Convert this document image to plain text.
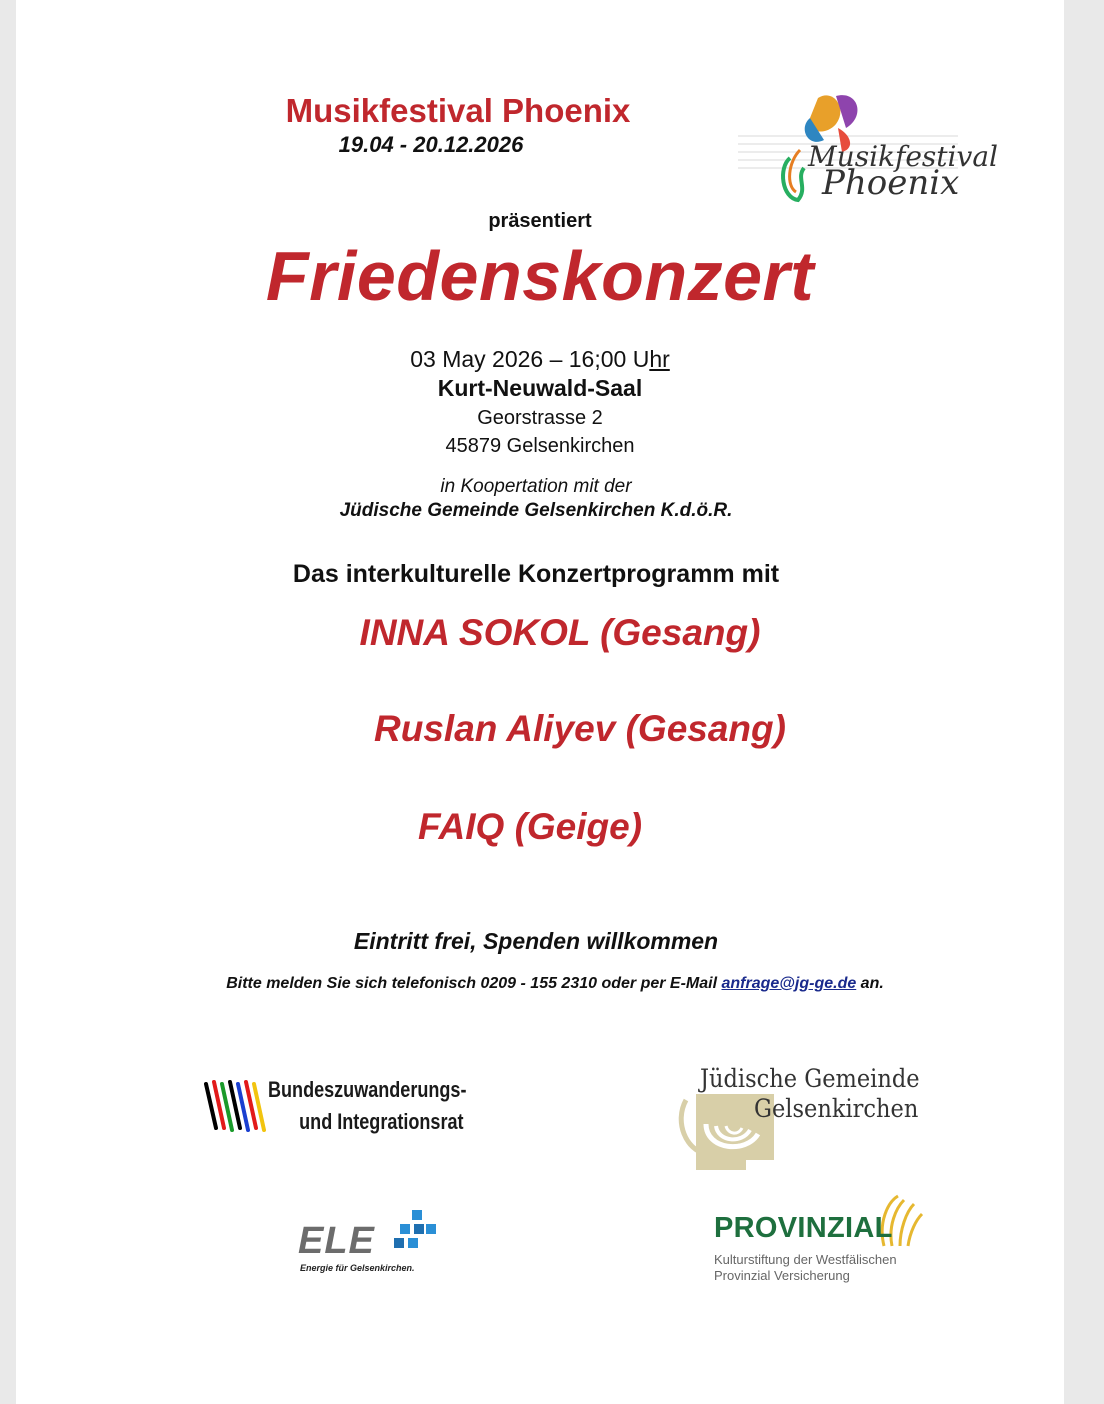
Musikfestival Phoenix
19.04 - 20.12.2026	Musikfestival
Phoenix
präsentiert
Friedenskonzert
03 May 2026 – 16;00 Uhr
Kurt-Neuwald-Saal
Georstrasse 2
45879 Gelsenkirchen
in Koopertation mit der
Jüdische Gemeinde Gelsenkirchen K.d.ö.R.
Das interkulturelle Konzertprogramm mit
INNA SOKOL (Gesang)
Ruslan Aliyev (Gesang)
FAIQ (Geige)
Eintritt frei, Spenden willkommen
Bitte melden Sie sich telefonisch 0209 - 155 2310 oder per E-Mail anfrage@jg-ge.de an.
Bundeszuwanderungs-
und Integrationsrat
Jüdische Gemeinde
Gelsenkirchen
ELE
Energie für Gelsenkirchen.
PROVINZIAL
Kulturstiftung der Westfälischen
Provinzial Versicherung
